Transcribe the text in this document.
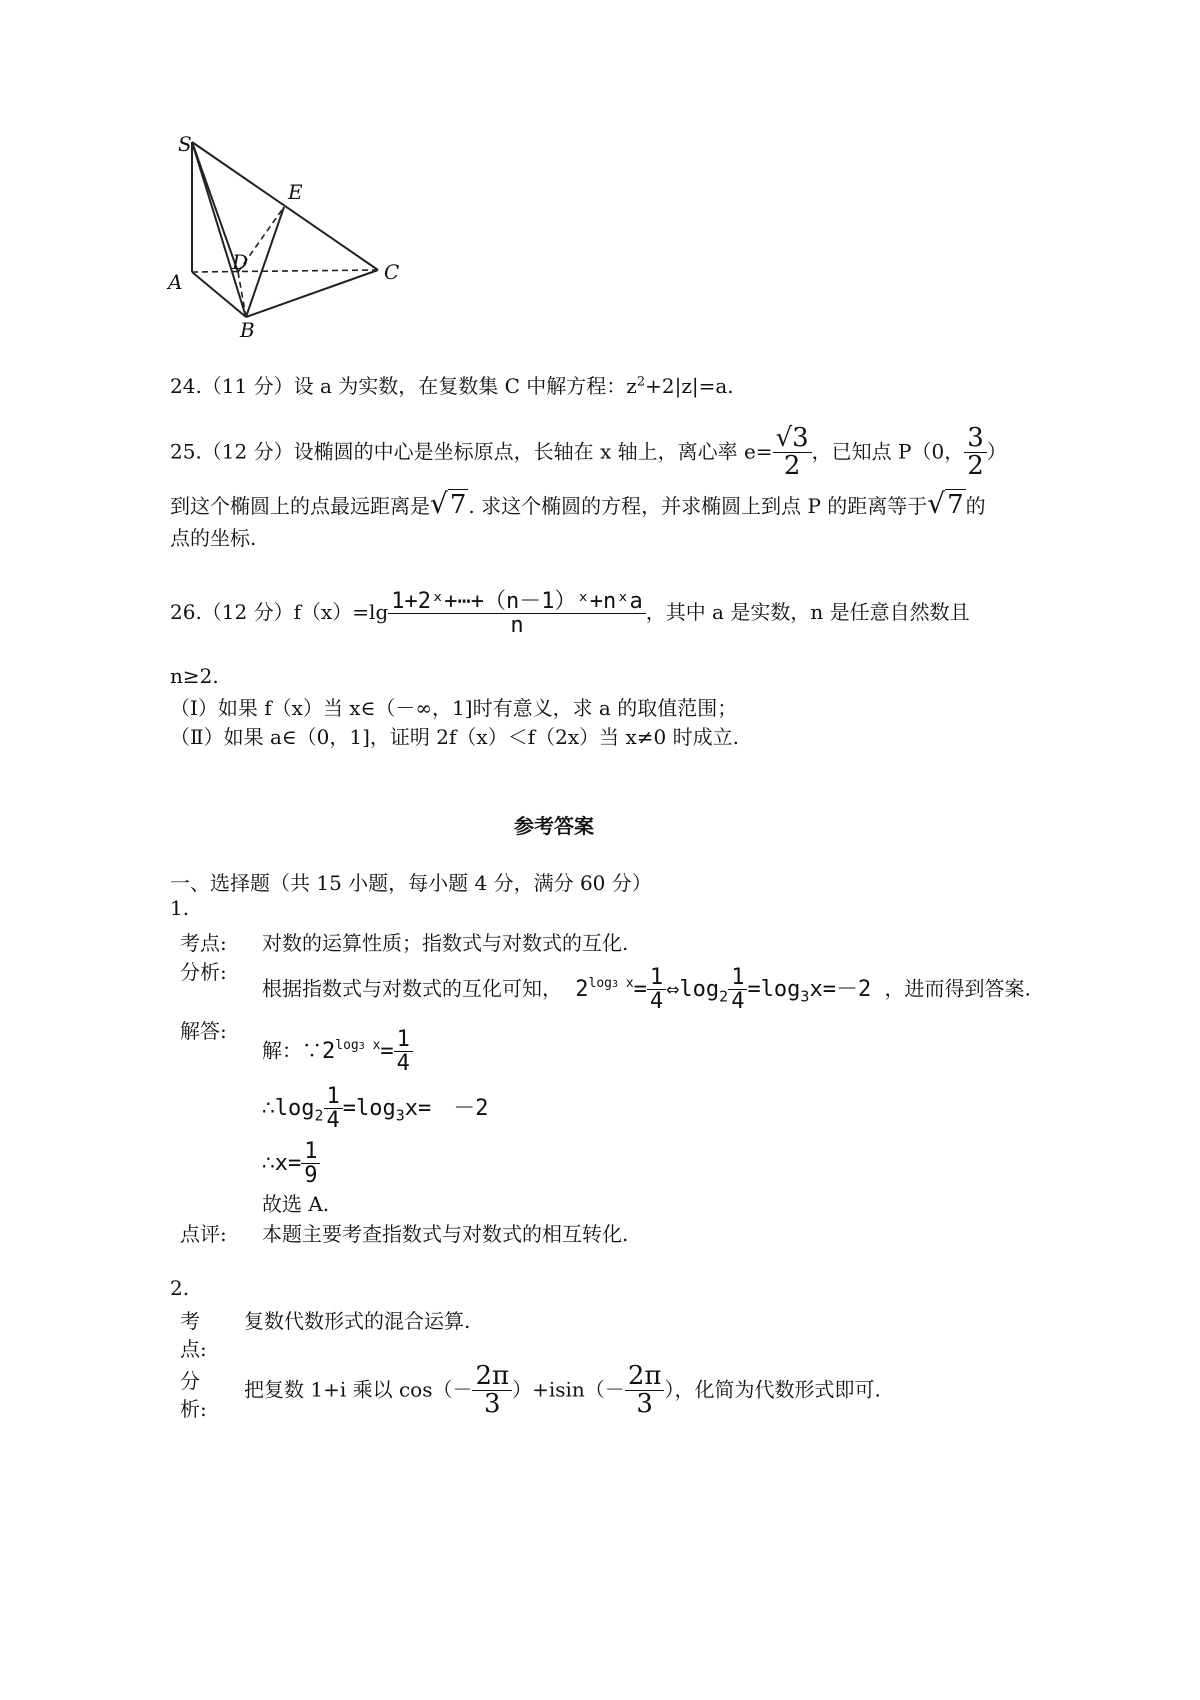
S
E
D
A	C
B
24.（11 分）设 a 为实数，在复数集 C 中解方程：$z^2+2|z|=a$.
25.（12 分）设椭圆的中心是坐标原点，长轴在 x 轴上，离心率 $e= \frac{√3}{2}$ ，已知点 P（0， $\frac{3}{2}$ ）
到这个椭圆上的点最远距离是√7 . 求这个椭圆的方程，并求椭圆上到点 P 的距离等于√7 的
点的坐标.
26.（12 分）$f(x)=\lg \frac{\text{1+2ˣ+⋯+（n－1）ˣ+nˣa}}{n}$ ，其中 a 是实数，n 是任意自然数且
n≥2.
（Ⅰ）如果 f（x）当 x∈（－∞，1]时有意义，求 a 的取值范围；
（Ⅱ）如果 a∈（0，1]，证明 2f（x）＜f（2x）当 x≠0 时成立.
参考答案
一、选择题（共 15 小题，每小题 4 分，满分 60 分）
1.
考点: 对数的运算性质；指数式与对数式的互化.
分析:
根据指数式与对数式的互化可知， $2^{log3 x}= \frac{1}{4}$ $\Leftrightarrow\log_2 \frac{1}{4} =\log_3x=-2$ ，进而得到答案.
解答:
解：$\because 2^{log3 x}= \frac{1}{4}$
$\therefore\log_2 \frac{1}{4} =\log_3x=$　－2
∴x= $\frac{1}{9}$
故选 A.
点评: 本题主要考查指数式与对数式的相互转化.
2.
考 复数代数形式的混合运算.
点:
分
析:
把复数 1+i 乘以 $\cos(- \frac{2\pi}{3} )+isin(- \frac{2\pi}{3}$ ），化简为代数形式即可.
